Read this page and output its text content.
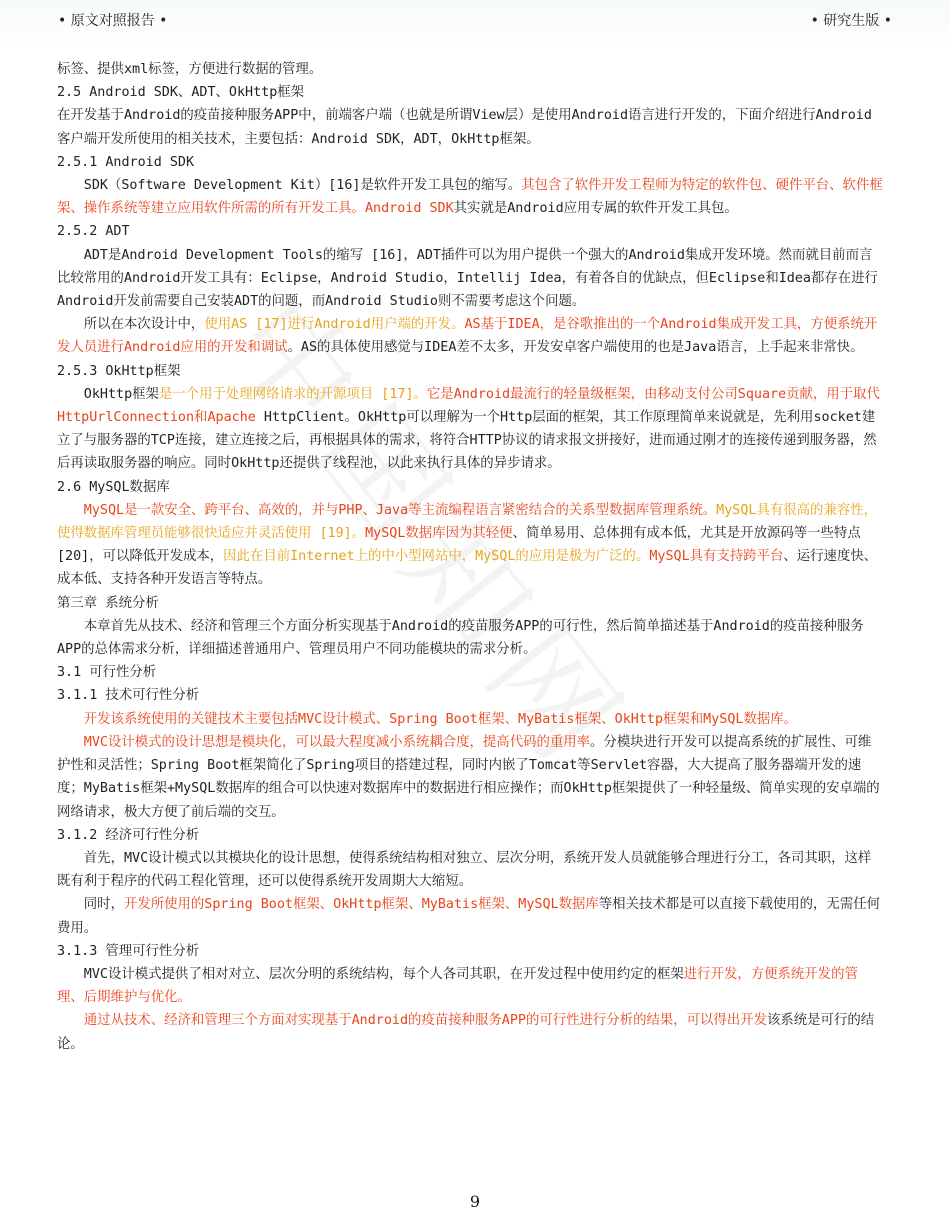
• 原文对照报告 •	• 研究生版 •

标签、提供xml标签，方便进行数据的管理。

2.5 Android SDK、ADT、OkHttp框架

在开发基于Android的疫苗接种服务APP中，前端客户端（也就是所谓View层）是使用Android语言进行开发的，下面介绍进行Android客户端开发所使用的相关技术，主要包括：Android SDK，ADT，OkHttp框架。

2.5.1 Android SDK

SDK（Software Development Kit）[16]是软件开发工具包的缩写。其包含了软件开发工程师为特定的软件包、硬件平台、软件框架、操作系统等建立应用软件所需的所有开发工具。Android SDK其实就是Android应用专属的软件开发工具包。

2.5.2 ADT

ADT是Android Development Tools的缩写 [16]，ADT插件可以为用户提供一个强大的Android集成开发环境。然而就目前而言比较常用的Android开发工具有：Eclipse，Android Studio，Intellij Idea，有着各自的优缺点，但Eclipse和Idea都存在进行Android开发前需要自己安装ADT的问题，而Android Studio则不需要考虑这个问题。

所以在本次设计中，使用AS [17]进行Android用户端的开发。AS基于IDEA，是谷歌推出的一个Android集成开发工具，方便系统开发人员进行Android应用的开发和调试。AS的具体使用感觉与IDEA差不太多，开发安卓客户端使用的也是Java语言，上手起来非常快。

2.5.3 OkHttp框架

OkHttp框架是一个用于处理网络请求的开源项目 [17]。它是Android最流行的轻量级框架，由移动支付公司Square贡献，用于取代HttpUrlConnection和Apache HttpClient。OkHttp可以理解为一个Http层面的框架，其工作原理简单来说就是，先利用socket建立了与服务器的TCP连接，建立连接之后，再根据具体的需求，将符合HTTP协议的请求报文拼接好，进而通过刚才的连接传递到服务器，然后再读取服务器的响应。同时OkHttp还提供了线程池，以此来执行具体的异步请求。

2.6 MySQL数据库

MySQL是一款安全、跨平台、高效的，并与PHP、Java等主流编程语言紧密结合的关系型数据库管理系统。MySQL具有很高的兼容性，使得数据库管理员能够很快适应并灵活使用 [19]。MySQL数据库因为其轻便、简单易用、总体拥有成本低，尤其是开放源码等一些特点 [20]，可以降低开发成本，因此在目前Internet上的中小型网站中，MySQL的应用是极为广泛的。MySQL具有支持跨平台、运行速度快、成本低、支持各种开发语言等特点。

第三章 系统分析

本章首先从技术、经济和管理三个方面分析实现基于Android的疫苗服务APP的可行性，然后简单描述基于Android的疫苗接种服务APP的总体需求分析，详细描述普通用户、管理员用户不同功能模块的需求分析。

3.1 可行性分析

3.1.1 技术可行性分析

开发该系统使用的关键技术主要包括MVC设计模式、Spring Boot框架、MyBatis框架、OkHttp框架和MySQL数据库。

MVC设计模式的设计思想是模块化，可以最大程度减小系统耦合度，提高代码的重用率。分模块进行开发可以提高系统的扩展性、可维护性和灵活性；Spring Boot框架简化了Spring项目的搭建过程，同时内嵌了Tomcat等Servlet容器，大大提高了服务器端开发的速度；MyBatis框架+MySQL数据库的组合可以快速对数据库中的数据进行相应操作；而OkHttp框架提供了一种轻量级、简单实现的安卓端的网络请求，极大方便了前后端的交互。

3.1.2 经济可行性分析

首先，MVC设计模式以其模块化的设计思想，使得系统结构相对独立、层次分明，系统开发人员就能够合理进行分工，各司其职，这样既有利于程序的代码工程化管理，还可以使得系统开发周期大大缩短。

同时，开发所使用的Spring Boot框架、OkHttp框架、MyBatis框架、MySQL数据库等相关技术都是可以直接下载使用的，无需任何费用。

3.1.3 管理可行性分析

MVC设计模式提供了相对对立、层次分明的系统结构，每个人各司其职，在开发过程中使用约定的框架进行开发，方便系统开发的管理、后期维护与优化。

通过从技术、经济和管理三个方面对实现基于Android的疫苗接种服务APP的可行性进行分析的结果，可以得出开发该系统是可行的结论。

9
